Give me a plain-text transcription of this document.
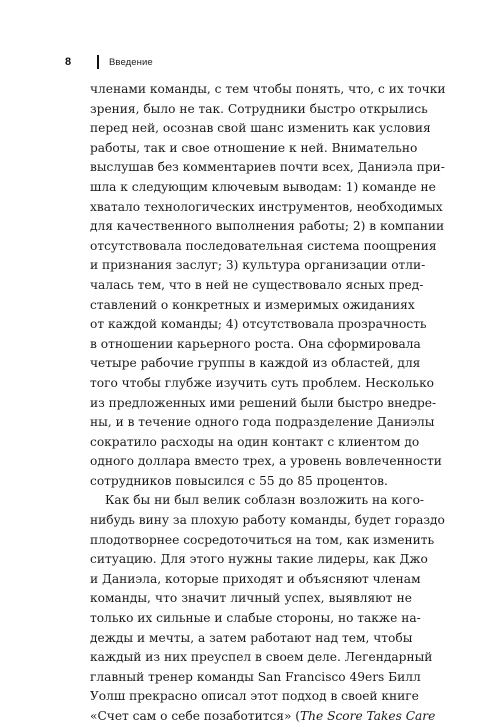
8	Введение
членами команды, с тем чтобы понять, что, с их точки
зрения, было не так. Сотрудники быстро открылись
перед ней, осознав свой шанс изменить как условия
работы, так и свое отношение к ней. Внимательно
выслушав без комментариев почти всех, Даниэла при-
шла к следующим ключевым выводам: 1) команде не
хватало технологических инструментов, необходимых
для качественного выполнения работы; 2) в компании
отсутствовала последовательная система поощрения
и признания заслуг; 3) культура организации отли-
чалась тем, что в ней не существовало ясных пред-
ставлений о конкретных и измеримых ожиданиях
от каждой команды; 4) отсутствовала прозрачность
в отношении карьерного роста. Она сформировала
четыре рабочие группы в каждой из областей, для
того чтобы глубже изучить суть проблем. Несколько
из предложенных ими решений были быстро внедре-
ны, и в течение одного года подразделение Даниэлы
сократило расходы на один контакт с клиентом до
одного доллара вместо трех, а уровень вовлеченности
сотрудников повысился с 55 до 85 процентов.
Как бы ни был велик соблазн возложить на кого-
нибудь вину за плохую работу команды, будет гораздо
плодотворнее сосредоточиться на том, как изменить
ситуацию. Для этого нужны такие лидеры, как Джо
и Даниэла, которые приходят и объясняют членам
команды, что значит личный успех, выявляют не
только их сильные и слабые стороны, но также на-
дежды и мечты, а затем работают над тем, чтобы
каждый из них преуспел в своем деле. Легендарный
главный тренер команды San Francisco 49ers Билл
Уолш прекрасно описал этот подход в своей книге
«Счет сам о себе позаботится» (The Score Takes Care
